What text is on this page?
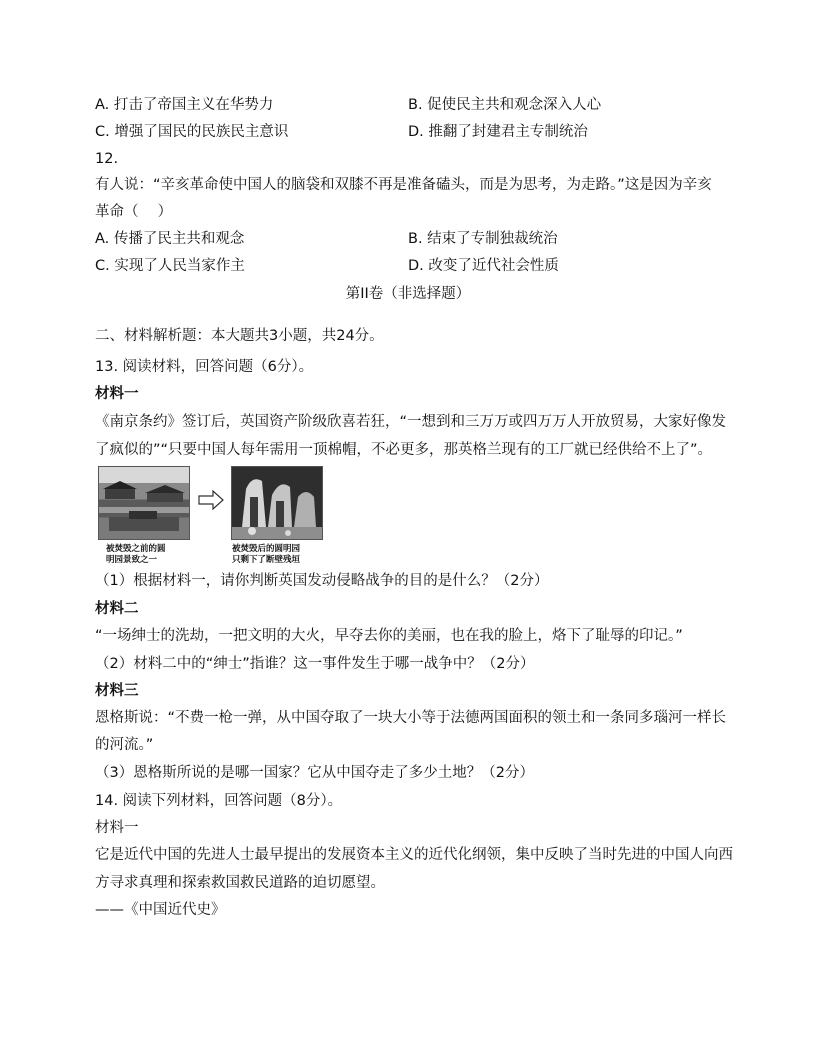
A. 打击了帝国主义在华势力	B. 促使民主共和观念深入人心
C. 增强了国民的民族民主意识	D. 推翻了封建君主专制统治
12.
有人说：“辛亥革命使中国人的脑袋和双膝不再是准备磕头，而是为思考，为走路。”这是因为辛亥
革命（　 ）
A. 传播了民主共和观念	B. 结束了专制独裁统治
C. 实现了人民当家作主	D. 改变了近代社会性质
第II卷（非选择题）
二、材料解析题：本大题共3小题，共24分。
13. 阅读材料，回答问题（6分）。
材料一
《南京条约》签订后，英国资产阶级欣喜若狂，“一想到和三万万或四万万人开放贸易，大家好像发
了疯似的”“只要中国人每年需用一顶棉帽，不必更多，那英格兰现有的工厂就已经供给不上了”。
被焚毁之前的圆
明园景致之一
被焚毁后的圆明园
只剩下了断壁残垣
（1）根据材料一，请你判断英国发动侵略战争的目的是什么？（2分）
材料二
“一场绅士的洗劫，一把文明的大火，早夺去你的美丽，也在我的脸上，烙下了耻辱的印记。”
（2）材料二中的“绅士”指谁？这一事件发生于哪一战争中？（2分）
材料三
恩格斯说：“不费一枪一弹，从中国夺取了一块大小等于法德两国面积的领土和一条同多瑙河一样长
的河流。”
（3）恩格斯所说的是哪一国家？它从中国夺走了多少土地？（2分）
14. 阅读下列材料，回答问题（8分）。
材料一
它是近代中国的先进人士最早提出的发展资本主义的近代化纲领，集中反映了当时先进的中国人向西
方寻求真理和探索救国救民道路的迫切愿望。
——《中国近代史》
